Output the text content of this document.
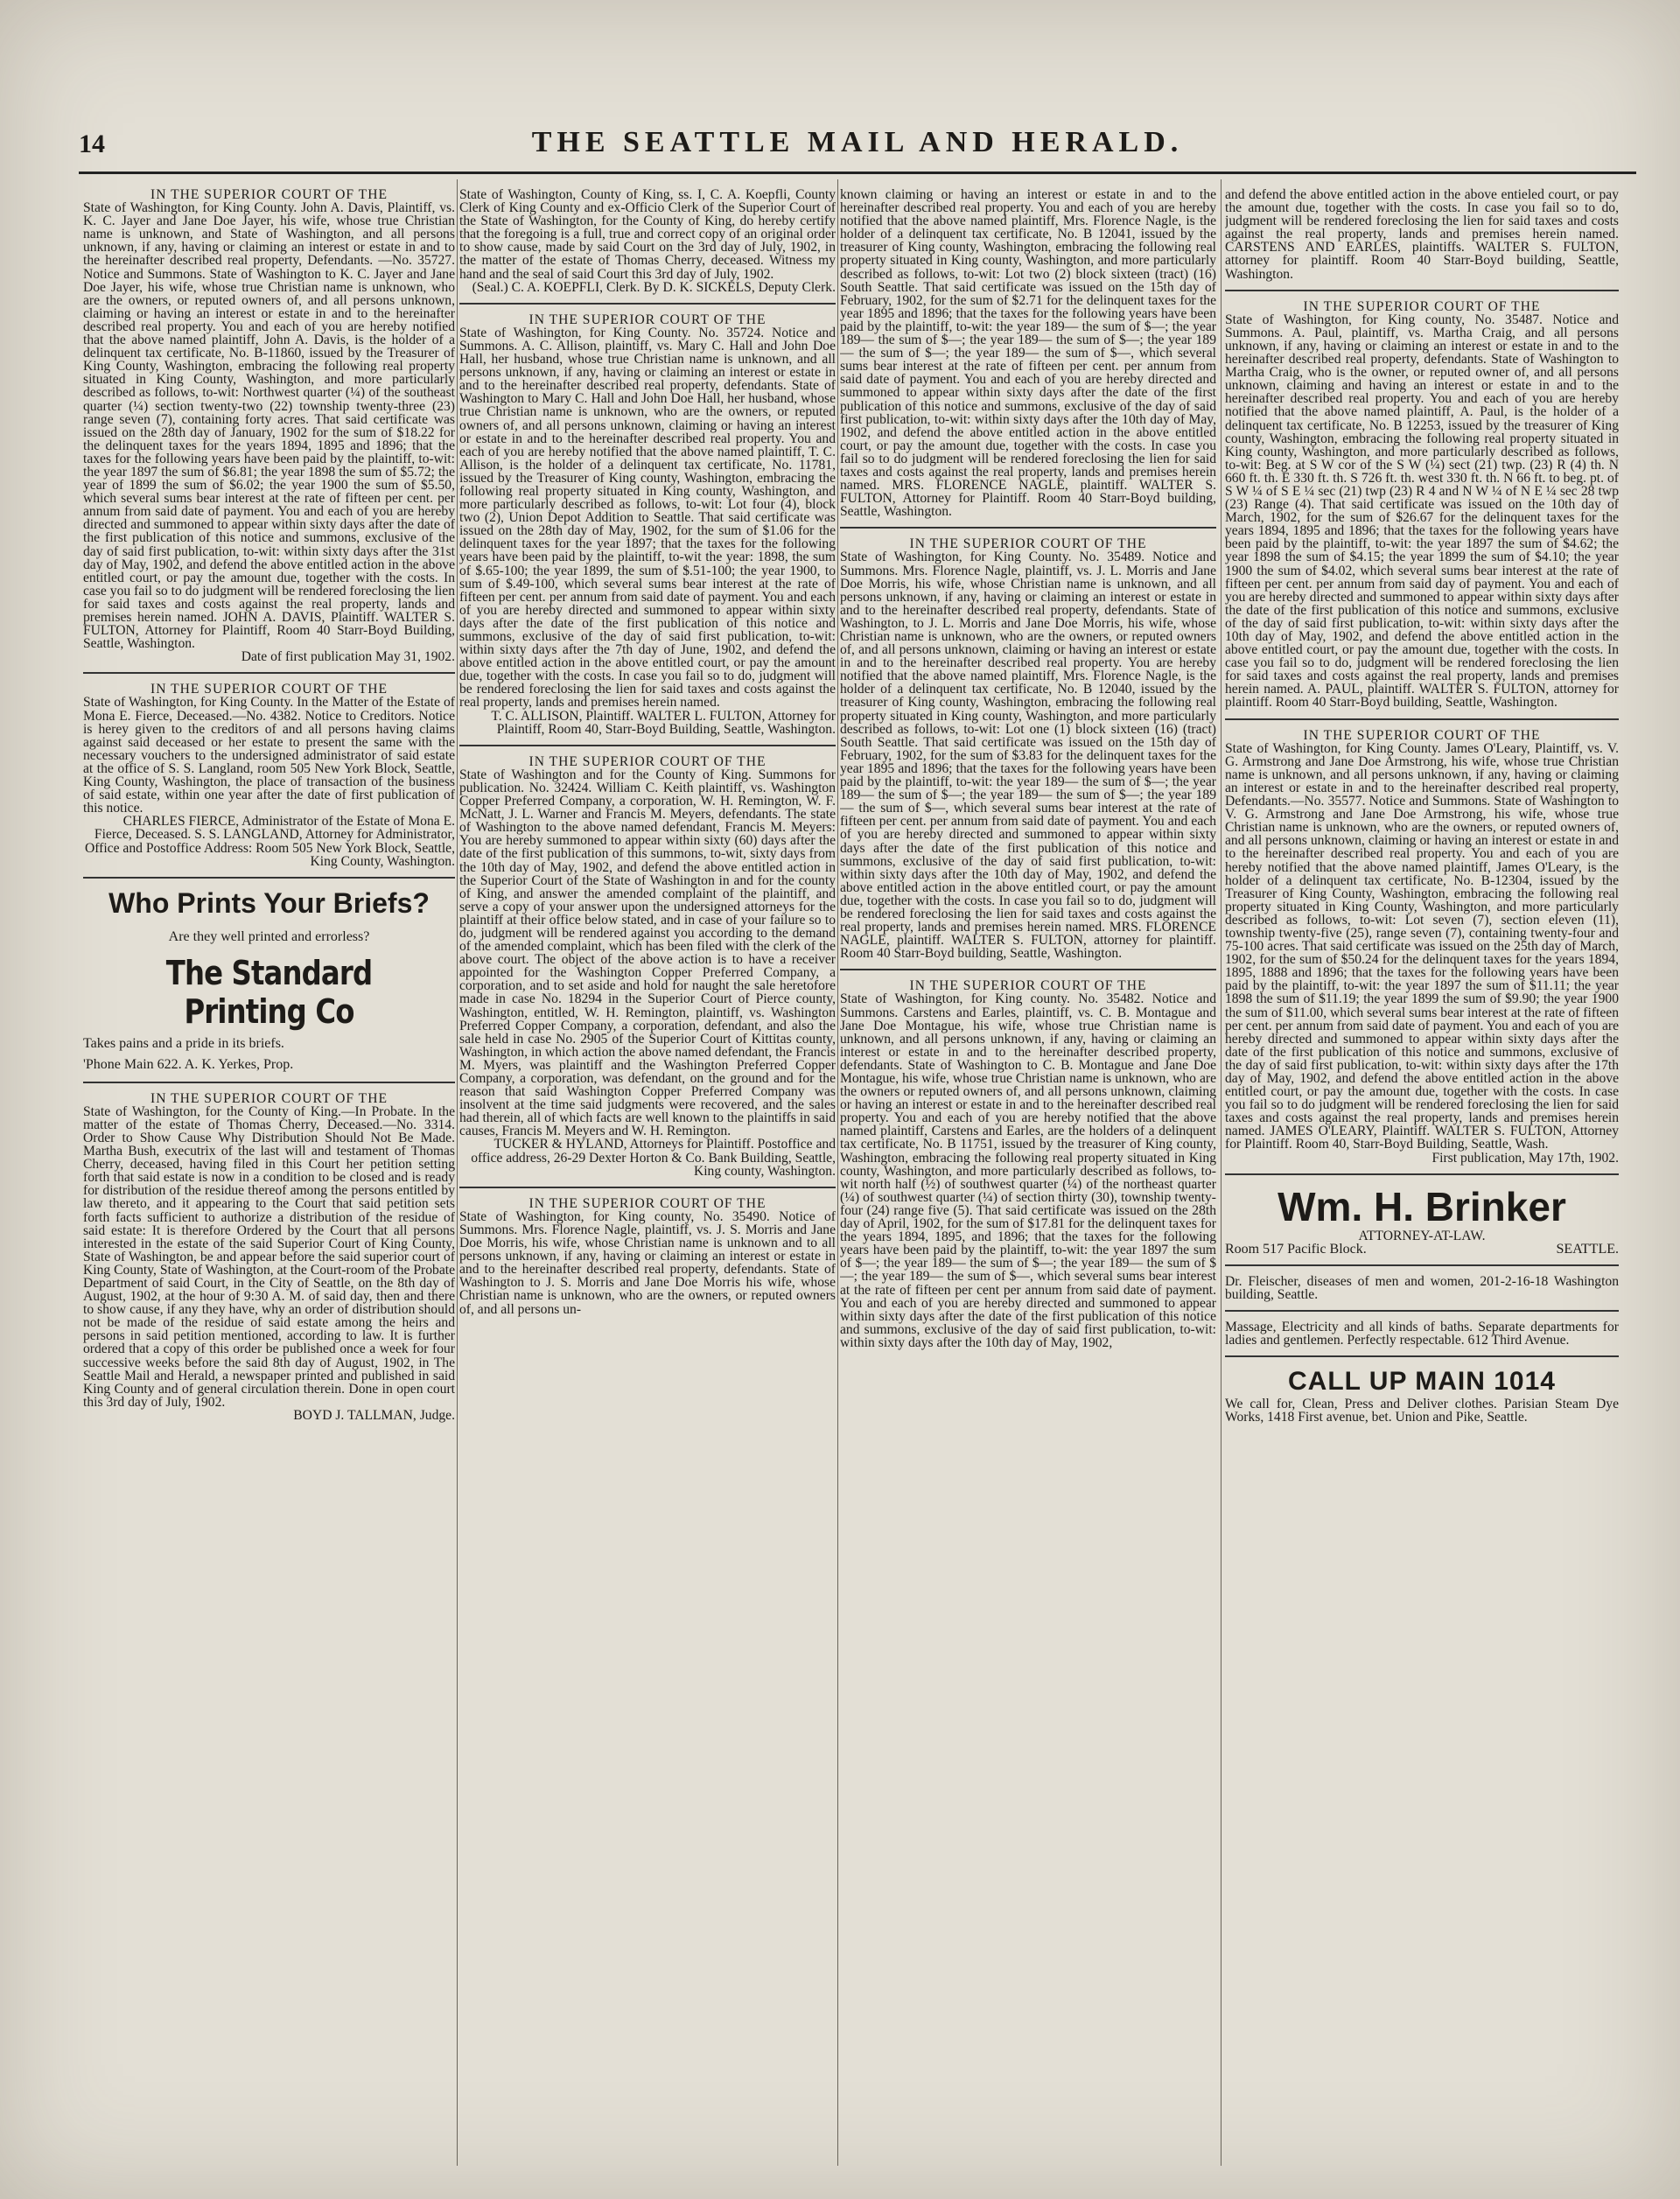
14	THE SEATTLE MAIL AND HERALD.

IN THE SUPERIOR COURT OF THE

State of Washington, for King County. John A. Davis, Plaintiff, vs. K. C. Jayer and Jane Doe Jayer, his wife, whose true Christian name is unknown, and State of Washington, and all persons unknown, if any, having or claiming an interest or estate in and to the hereinafter described real property, Defendants. —No. 35727. Notice and Summons. State of Washington to K. C. Jayer and Jane Doe Jayer, his wife, whose true Christian name is unknown, who are the owners, or reputed owners of, and all persons unknown, claiming or having an interest or estate in and to the hereinafter described real property. You and each of you are hereby notified that the above named plaintiff, John A. Davis, is the holder of a delinquent tax certificate, No. B-11860, issued by the Treasurer of King County, Washington, embracing the following real property situated in King County, Washington, and more particularly described as follows, to-wit: Northwest quarter (¼) of the southeast quarter (¼) section twenty-two (22) township twenty-three (23) range seven (7), containing forty acres. That said certificate was issued on the 28th day of January, 1902 for the sum of $18.22 for the delinquent taxes for the years 1894, 1895 and 1896; that the taxes for the following years have been paid by the plaintiff, to-wit: the year 1897 the sum of $6.81; the year 1898 the sum of $5.72; the year of 1899 the sum of $6.02; the year 1900 the sum of $5.50, which several sums bear interest at the rate of fifteen per cent. per annum from said date of payment. You and each of you are hereby directed and summoned to appear within sixty days after the date of the first publication of this notice and summons, exclusive of the day of said first publication, to-wit: within sixty days after the 31st day of May, 1902, and defend the above entitled action in the above entitled court, or pay the amount due, together with the costs. In case you fail so to do judgment will be rendered foreclosing the lien for said taxes and costs against the real property, lands and premises herein named. JOHN A. DAVIS, Plaintiff. WALTER S. FULTON, Attorney for Plaintiff, Room 40 Starr-Boyd Building, Seattle, Washington.

Date of first publication May 31, 1902.

IN THE SUPERIOR COURT OF THE

State of Washington, for King County. In the Matter of the Estate of Mona E. Fierce, Deceased.—No. 4382. Notice to Creditors. Notice is herey given to the creditors of and all persons having claims against said deceased or her estate to present the same with the necessary vouchers to the undersigned administrator of said estate at the office of S. S. Langland, room 505 New York Block, Seattle, King County, Washington, the place of transaction of the business of said estate, within one year after the date of first publication of this notice.

CHARLES FIERCE, Administrator of the Estate of Mona E. Fierce, Deceased. S. S. LANGLAND, Attorney for Administrator, Office and Postoffice Address: Room 505 New York Block, Seattle, King County, Washington.

Who Prints Your Briefs?
Are they well printed and errorless?
The Standard Printing Co
Takes pains and a pride in its briefs.
'Phone Main 622. A. K. Yerkes, Prop.

IN THE SUPERIOR COURT OF THE

State of Washington, for the County of King.—In Probate. In the matter of the estate of Thomas Cherry, Deceased.—No. 3314. Order to Show Cause Why Distribution Should Not Be Made. Martha Bush, executrix of the last will and testament of Thomas Cherry, deceased, having filed in this Court her petition setting forth that said estate is now in a condition to be closed and is ready for distribution of the residue thereof among the persons entitled by law thereto, and it appearing to the Court that said petition sets forth facts sufficient to authorize a distribution of the residue of said estate: It is therefore Ordered by the Court that all persons interested in the estate of the said Superior Court of King County, State of Washington, be and appear before the said superior court of King County, State of Washington, at the Court-room of the Probate Department of said Court, in the City of Seattle, on the 8th day of August, 1902, at the hour of 9:30 A. M. of said day, then and there to show cause, if any they have, why an order of distribution should not be made of the residue of said estate among the heirs and persons in said petition mentioned, according to law. It is further ordered that a copy of this order be published once a week for four successive weeks before the said 8th day of August, 1902, in The Seattle Mail and Herald, a newspaper printed and published in said King County and of general circulation therein. Done in open court this 3rd day of July, 1902.

BOYD J. TALLMAN, Judge.

State of Washington, County of King, ss. I, C. A. Koepfli, County Clerk of King County and ex-Officio Clerk of the Superior Court of the State of Washington, for the County of King, do hereby certify that the foregoing is a full, true and correct copy of an original order to show cause, made by said Court on the 3rd day of July, 1902, in the matter of the estate of Thomas Cherry, deceased. Witness my hand and the seal of said Court this 3rd day of July, 1902.

(Seal.) C. A. KOEPFLI, Clerk. By D. K. SICKELS, Deputy Clerk.

IN THE SUPERIOR COURT OF THE

State of Washington, for King County. No. 35724. Notice and Summons. A. C. Allison, plaintiff, vs. Mary C. Hall and John Doe Hall, her husband, whose true Christian name is unknown, and all persons unknown, if any, having or claiming an interest or estate in and to the hereinafter described real property, defendants. State of Washington to Mary C. Hall and John Doe Hall, her husband, whose true Christian name is unknown, who are the owners, or reputed owners of, and all persons unknown, claiming or having an interest or estate in and to the hereinafter described real property. You and each of you are hereby notified that the above named plaintiff, T. C. Allison, is the holder of a delinquent tax certificate, No. 11781, issued by the Treasurer of King county, Washington, embracing the following real property situated in King county, Washington, and more particularly described as follows, to-wit: Lot four (4), block two (2), Union Depot Addition to Seattle. That said certificate was issued on the 28th day of May, 1902, for the sum of $1.06 for the delinquent taxes for the year 1897; that the taxes for the following years have been paid by the plaintiff, to-wit the year: 1898, the sum of $.65-100; the year 1899, the sum of $.51-100; the year 1900, to sum of $.49-100, which several sums bear interest at the rate of fifteen per cent. per annum from said date of payment. You and each of you are hereby directed and summoned to appear within sixty days after the date of the first publication of this notice and summons, exclusive of the day of said first publication, to-wit: within sixty days after the 7th day of June, 1902, and defend the above entitled action in the above entitled court, or pay the amount due, together with the costs. In case you fail so to do, judgment will be rendered foreclosing the lien for said taxes and costs against the real property, lands and premises herein named.

T. C. ALLISON, Plaintiff. WALTER L. FULTON, Attorney for Plaintiff, Room 40, Starr-Boyd Building, Seattle, Washington.

IN THE SUPERIOR COURT OF THE

State of Washington and for the County of King. Summons for publication. No. 32424. William C. Keith plaintiff, vs. Washington Copper Preferred Company, a corporation, W. H. Remington, W. F. McNatt, J. L. Warner and Francis M. Meyers, defendants. The state of Washington to the above named defendant, Francis M. Meyers: You are hereby summoned to appear within sixty (60) days after the date of the first publication of this summons, to-wit, sixty days from the 10th day of May, 1902, and defend the above entitled action in the Superior Court of the State of Washington in and for the county of King, and answer the amended complaint of the plaintiff, and serve a copy of your answer upon the undersigned attorneys for the plaintiff at their office below stated, and in case of your failure so to do, judgment will be rendered against you according to the demand of the amended complaint, which has been filed with the clerk of the above court. The object of the above action is to have a receiver appointed for the Washington Copper Preferred Company, a corporation, and to set aside and hold for naught the sale heretofore made in case No. 18294 in the Superior Court of Pierce county, Washington, entitled, W. H. Remington, plaintiff, vs. Washington Preferred Copper Company, a corporation, defendant, and also the sale held in case No. 2905 of the Superior Court of Kittitas county, Washington, in which action the above named defendant, the Francis M. Myers, was plaintiff and the Washington Preferred Copper Company, a corporation, was defendant, on the ground and for the reason that said Washington Copper Preferred Company was insolvent at the time said judgments were recovered, and the sales had therein, all of which facts are well known to the plaintiffs in said causes, Francis M. Meyers and W. H. Remington.

TUCKER & HYLAND, Attorneys for Plaintiff. Postoffice and office address, 26-29 Dexter Horton & Co. Bank Building, Seattle, King county, Washington.

IN THE SUPERIOR COURT OF THE

State of Washington, for King county, No. 35490. Notice of Summons. Mrs. Florence Nagle, plaintiff, vs. J. S. Morris and Jane Doe Morris, his wife, whose Christian name is unknown and to all persons unknown, if any, having or claiming an interest or estate in and to the hereinafter described real property, defendants. State of Washington to J. S. Morris and Jane Doe Morris his wife, whose Christian name is unknown, who are the owners, or reputed owners of, and all persons un-

known claiming or having an interest or estate in and to the hereinafter described real property. You and each of you are hereby notified that the above named plaintiff, Mrs. Florence Nagle, is the holder of a delinquent tax certificate, No. B 12041, issued by the treasurer of King county, Washington, embracing the following real property situated in King county, Washington, and more particularly described as follows, to-wit: Lot two (2) block sixteen (tract) (16) South Seattle. That said certificate was issued on the 15th day of February, 1902, for the sum of $2.71 for the delinquent taxes for the year 1895 and 1896; that the taxes for the following years have been paid by the plaintiff, to-wit: the year 189— the sum of $—; the year 189— the sum of $—; the year 189— the sum of $—; the year 189— the sum of $—; the year 189— the sum of $—, which several sums bear interest at the rate of fifteen per cent. per annum from said date of payment. You and each of you are hereby directed and summoned to appear within sixty days after the date of the first publication of this notice and summons, exclusive of the day of said first publication, to-wit: within sixty days after the 10th day of May, 1902, and defend the above entitled action in the above entitled court, or pay the amount due, together with the costs. In case you fail so to do judgment will be rendered foreclosing the lien for said taxes and costs against the real property, lands and premises herein named. MRS. FLORENCE NAGLE, plaintiff. WALTER S. FULTON, Attorney for Plaintiff. Room 40 Starr-Boyd building, Seattle, Washington.

IN THE SUPERIOR COURT OF THE

State of Washington, for King County. No. 35489. Notice and Summons. Mrs. Florence Nagle, plaintiff, vs. J. L. Morris and Jane Doe Morris, his wife, whose Christian name is unknown, and all persons unknown, if any, having or claiming an interest or estate in and to the hereinafter described real property, defendants. State of Washington, to J. L. Morris and Jane Doe Morris, his wife, whose Christian name is unknown, who are the owners, or reputed owners of, and all persons unknown, claiming or having an interest or estate in and to the hereinafter described real property. You are hereby notified that the above named plaintiff, Mrs. Florence Nagle, is the holder of a delinquent tax certificate, No. B 12040, issued by the treasurer of King county, Washington, embracing the following real property situated in King county, Washington, and more particularly described as follows, to-wit: Lot one (1) block sixteen (16) (tract) South Seattle. That said certificate was issued on the 15th day of February, 1902, for the sum of $3.83 for the delinquent taxes for the year 1895 and 1896; that the taxes for the following years have been paid by the plaintiff, to-wit: the year 189— the sum of $—; the year 189— the sum of $—; the year 189— the sum of $—; the year 189— the sum of $—, which several sums bear interest at the rate of fifteen per cent. per annum from said date of payment. You and each of you are hereby directed and summoned to appear within sixty days after the date of the first publication of this notice and summons, exclusive of the day of said first publication, to-wit: within sixty days after the 10th day of May, 1902, and defend the above entitled action in the above entitled court, or pay the amount due, together with the costs. In case you fail so to do, judgment will be rendered foreclosing the lien for said taxes and costs against the real property, lands and premises herein named. MRS. FLORENCE NAGLE, plaintiff. WALTER S. FULTON, attorney for plaintiff. Room 40 Starr-Boyd building, Seattle, Washington.

IN THE SUPERIOR COURT OF THE

State of Washington, for King county. No. 35482. Notice and Summons. Carstens and Earles, plaintiff, vs. C. B. Montague and Jane Doe Montague, his wife, whose true Christian name is unknown, and all persons unknown, if any, having or claiming an interest or estate in and to the hereinafter described property, defendants. State of Washington to C. B. Montague and Jane Doe Montague, his wife, whose true Christian name is unknown, who are the owners or reputed owners of, and all persons unknown, claiming or having an interest or estate in and to the hereinafter described real property. You and each of you are hereby notified that the above named plaintiff, Carstens and Earles, are the holders of a delinquent tax certificate, No. B 11751, issued by the treasurer of King county, Washington, embracing the following real property situated in King county, Washington, and more particularly described as follows, to-wit north half (½) of southwest quarter (¼) of the northeast quarter (¼) of southwest quarter (¼) of section thirty (30), township twenty-four (24) range five (5). That said certificate was issued on the 28th day of April, 1902, for the sum of $17.81 for the delinquent taxes for the years 1894, 1895, and 1896; that the taxes for the following years have been paid by the plaintiff, to-wit: the year 1897 the sum of $—; the year 189— the sum of $—; the year 189— the sum of $—; the year 189— the sum of $—, which several sums bear interest at the rate of fifteen per cent per annum from said date of payment. You and each of you are hereby directed and summoned to appear within sixty days after the date of the first publication of this notice and summons, exclusive of the day of said first publication, to-wit: within sixty days after the 10th day of May, 1902,

and defend the above entitled action in the above entieled court, or pay the amount due, together with the costs. In case you fail so to do, judgment will be rendered foreclosing the lien for said taxes and costs against the real property, lands and premises herein named. CARSTENS AND EARLES, plaintiffs. WALTER S. FULTON, attorney for plaintiff. Room 40 Starr-Boyd building, Seattle, Washington.

IN THE SUPERIOR COURT OF THE

State of Washington, for King county, No. 35487. Notice and Summons. A. Paul, plaintiff, vs. Martha Craig, and all persons unknown, if any, having or claiming an interest or estate in and to the hereinafter described real property, defendants. State of Washington to Martha Craig, who is the owner, or reputed owner of, and all persons unknown, claiming and having an interest or estate in and to the hereinafter described real property. You and each of you are hereby notified that the above named plaintiff, A. Paul, is the holder of a delinquent tax certificate, No. B 12253, issued by the treasurer of King county, Washington, embracing the following real property situated in King county, Washington, and more particularly described as follows, to-wit: Beg. at S W cor of the S W (¼) sect (21) twp. (23) R (4) th. N 660 ft. th. E 330 ft. th. S 726 ft. th. west 330 ft. th. N 66 ft. to beg. pt. of S W ¼ of S E ¼ sec (21) twp (23) R 4 and N W ¼ of N E ¼ sec 28 twp (23) Range (4). That said certificate was issued on the 10th day of March, 1902, for the sum of $26.67 for the delinquent taxes for the years 1894, 1895 and 1896; that the taxes for the following years have been paid by the plaintiff, to-wit: the year 1897 the sum of $4.62; the year 1898 the sum of $4.15; the year 1899 the sum of $4.10; the year 1900 the sum of $4.02, which several sums bear interest at the rate of fifteen per cent. per annum from said day of payment. You and each of you are hereby directed and summoned to appear within sixty days after the date of the first publication of this notice and summons, exclusive of the day of said first publication, to-wit: within sixty days after the 10th day of May, 1902, and defend the above entitled action in the above entitled court, or pay the amount due, together with the costs. In case you fail so to do, judgment will be rendered foreclosing the lien for said taxes and costs against the real property, lands and premises herein named. A. PAUL, plaintiff. WALTER S. FULTON, attorney for plaintiff. Room 40 Starr-Boyd building, Seattle, Washington.

IN THE SUPERIOR COURT OF THE

State of Washington, for King County. James O'Leary, Plaintiff, vs. V. G. Armstrong and Jane Doe Armstrong, his wife, whose true Christian name is unknown, and all persons unknown, if any, having or claiming an interest or estate in and to the hereinafter described real property, Defendants.—No. 35577. Notice and Summons. State of Washington to V. G. Armstrong and Jane Doe Armstrong, his wife, whose true Christian name is unknown, who are the owners, or reputed owners of, and all persons unknown, claiming or having an interest or estate in and to the hereinafter described real property. You and each of you are hereby notified that the above named plaintiff, James O'Leary, is the holder of a delinquent tax certificate, No. B-12304, issued by the Treasurer of King County, Washington, embracing the following real property situated in King County, Washington, and more particularly described as follows, to-wit: Lot seven (7), section eleven (11), township twenty-five (25), range seven (7), containing twenty-four and 75-100 acres. That said certificate was issued on the 25th day of March, 1902, for the sum of $50.24 for the delinquent taxes for the years 1894, 1895, 1888 and 1896; that the taxes for the following years have been paid by the plaintiff, to-wit: the year 1897 the sum of $11.11; the year 1898 the sum of $11.19; the year 1899 the sum of $9.90; the year 1900 the sum of $11.00, which several sums bear interest at the rate of fifteen per cent. per annum from said date of payment. You and each of you are hereby directed and summoned to appear within sixty days after the date of the first publication of this notice and summons, exclusive of the day of said first publication, to-wit: within sixty days after the 17th day of May, 1902, and defend the above entitled action in the above entitled court, or pay the amount due, together with the costs. In case you fail so to do judgment will be rendered foreclosing the lien for said taxes and costs against the real property, lands and premises herein named. JAMES O'LEARY, Plaintiff. WALTER S. FULTON, Attorney for Plaintiff. Room 40, Starr-Boyd Building, Seattle, Wash.

First publication, May 17th, 1902.

Wm. H. Brinker
ATTORNEY-AT-LAW.
Room 517 Pacific Block.	SEATTLE.
Dr. Fleischer, diseases of men and women, 201-2-16-18 Washington building, Seattle.
Massage, Electricity and all kinds of baths. Separate departments for ladies and gentlemen. Perfectly respectable. 612 Third Avenue.
CALL UP MAIN 1014
We call for, Clean, Press and Deliver clothes. Parisian Steam Dye Works, 1418 First avenue, bet. Union and Pike, Seattle.
